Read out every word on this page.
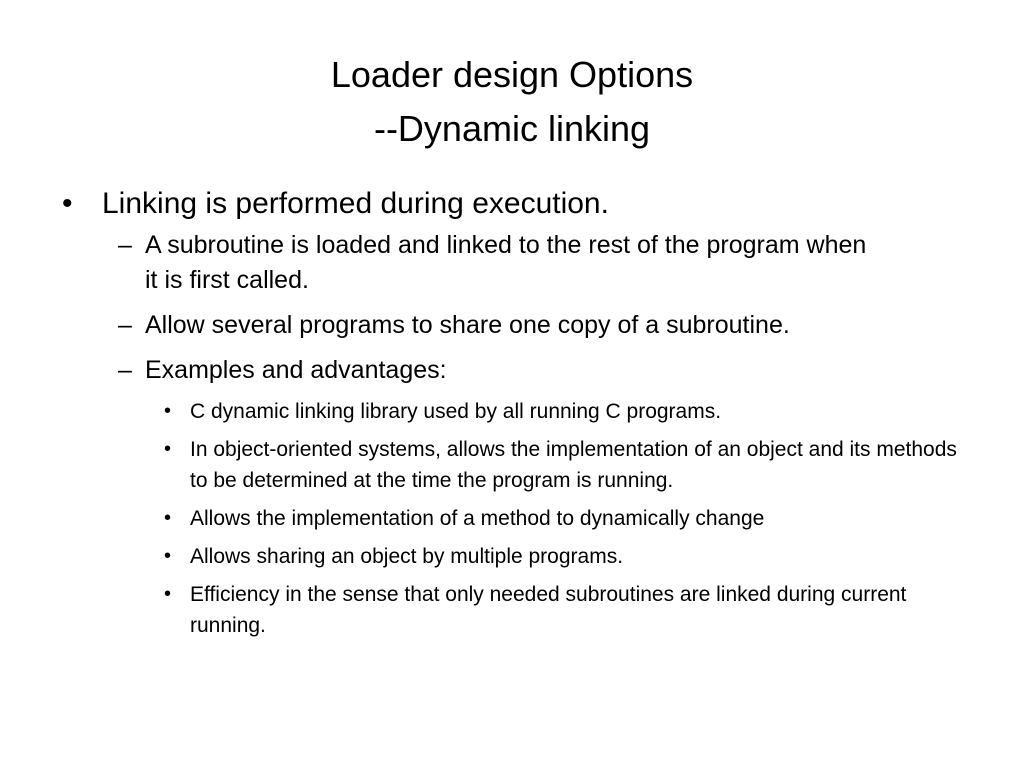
Loader design Options
--Dynamic linking
• Linking is performed during execution.
– A subroutine is loaded and linked to the rest of the program when it is first called.
– Allow several programs to share one copy of a subroutine.
– Examples and advantages:
• C dynamic linking library used by all running C programs.
• In object-oriented systems, allows the implementation of an object and its methods to be determined at the time the program is running.
• Allows the implementation of a method to dynamically change
• Allows sharing an object by multiple programs.
• Efficiency in the sense that only needed subroutines are linked during current running.
